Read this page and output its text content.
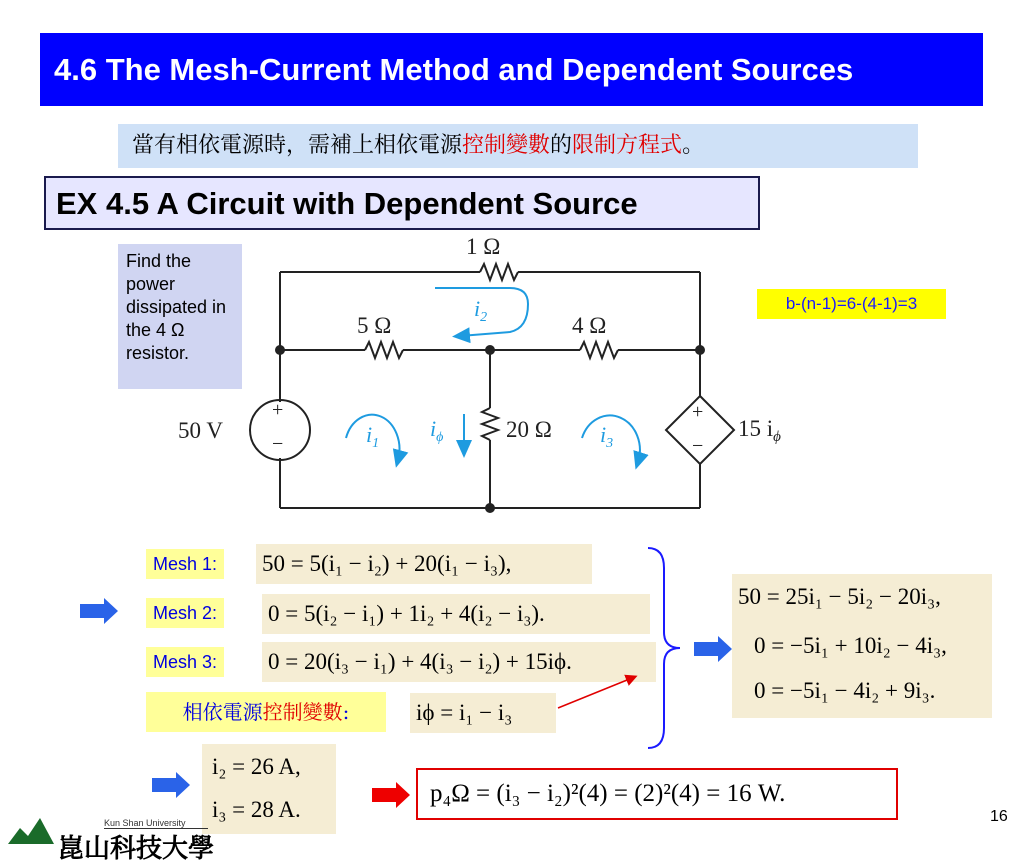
4.6 The Mesh-Current Method and Dependent Sources
當有相依電源時，需補上相依電源控制變數的限制方程式。
EX 4.5 A Circuit with Dependent Source
Find the power dissipated in the 4 Ω resistor.
b-(n-1)=6-(4-1)=3
1 Ω
5 Ω	4 Ω
20 Ω
50 V	15 $i_\phi$
+
−
+
−
$i_2$
$i_1$
$i_\phi$	$i_3$
Mesh 1:	50 = 5(i₁ − i₂) + 20(i₁ − i₃),
Mesh 2:	0 = 5(i₂ − i₁) + 1i₂ + 4(i₂ − i₃).
Mesh 3:	0 = 20(i₃ − i₁) + 4(i₃ − i₂) + 15iϕ.
相依電源控制變數:	iϕ = i₁ − i₃
50 = 25i₁ − 5i₂ − 20i₃,
0 = −5i₁ + 10i₂ − 4i₃,
0 = −5i₁ − 4i₂ + 9i₃.
i₂ = 26 A,
i₃ = 28 A.
p₄Ω = (i₃ − i₂)²(4) = (2)²(4) = 16 W.
Kun Shan University
崑山科技大學
16
